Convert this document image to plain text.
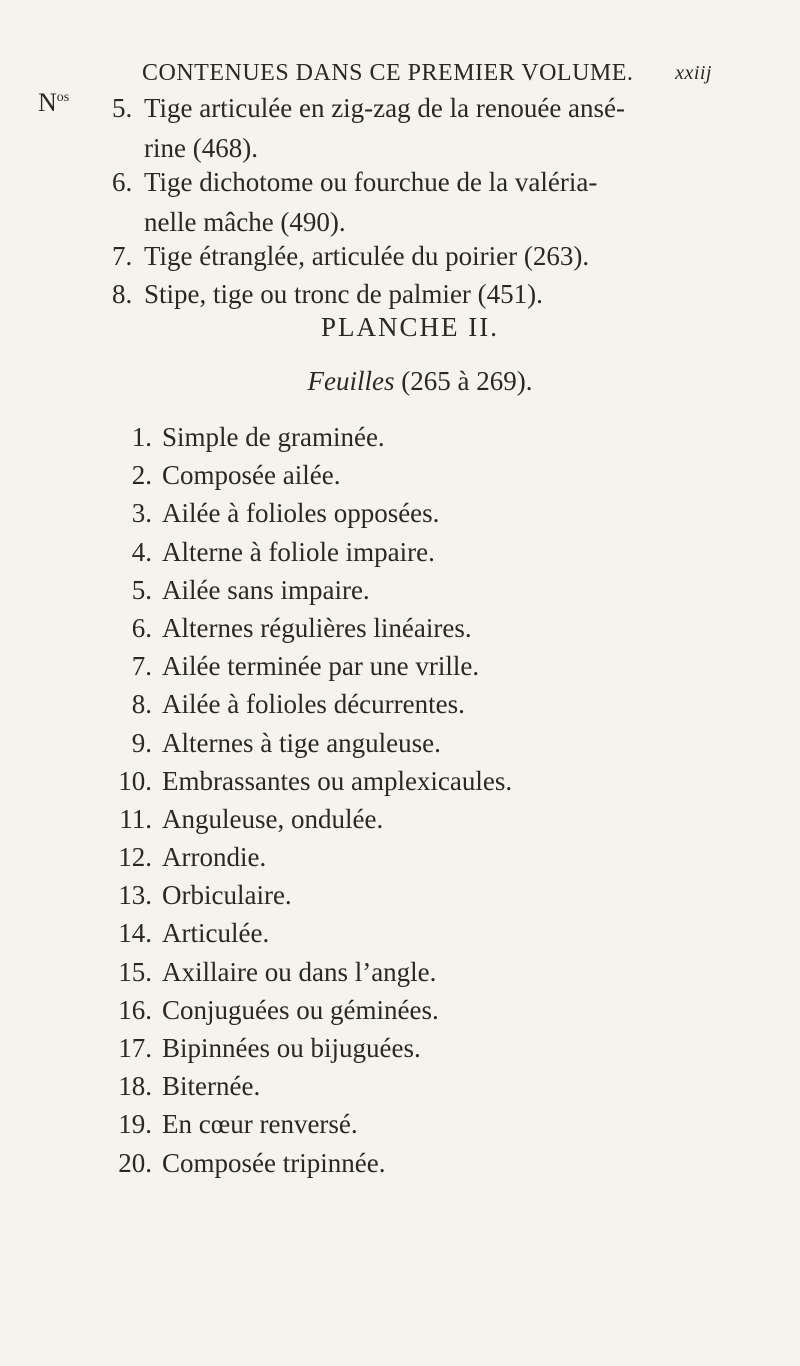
CONTENUES DANS CE PREMIER VOLUME. xxiij
$N^{os}$ 5. Tige articulée en zig-zag de la renouée ansé-
rine (468).
6. Tige dichotome ou fourchue de la valéria-
nelle mâche (490).
7. Tige étranglée, articulée du poirier (263).
8. Stipe, tige ou tronc de palmier (451).
PLANCHE II.
Feuilles (265 à 269).
1. Simple de graminée.
2. Composée ailée.
3. Ailée à folioles opposées.
4. Alterne à foliole impaire.
5. Ailée sans impaire.
6. Alternes régulières linéaires.
7. Ailée terminée par une vrille.
8. Ailée à folioles décurrentes.
9. Alternes à tige anguleuse.
10. Embrassantes ou amplexicaules.
11. Anguleuse, ondulée.
12. Arrondie.
13. Orbiculaire.
14. Articulée.
15. Axillaire ou dans l’angle.
16. Conjuguées ou géminées.
17. Bipinnées ou bijuguées.
18. Biternée.
19. En cœur renversé.
20. Composée tripinnée.
